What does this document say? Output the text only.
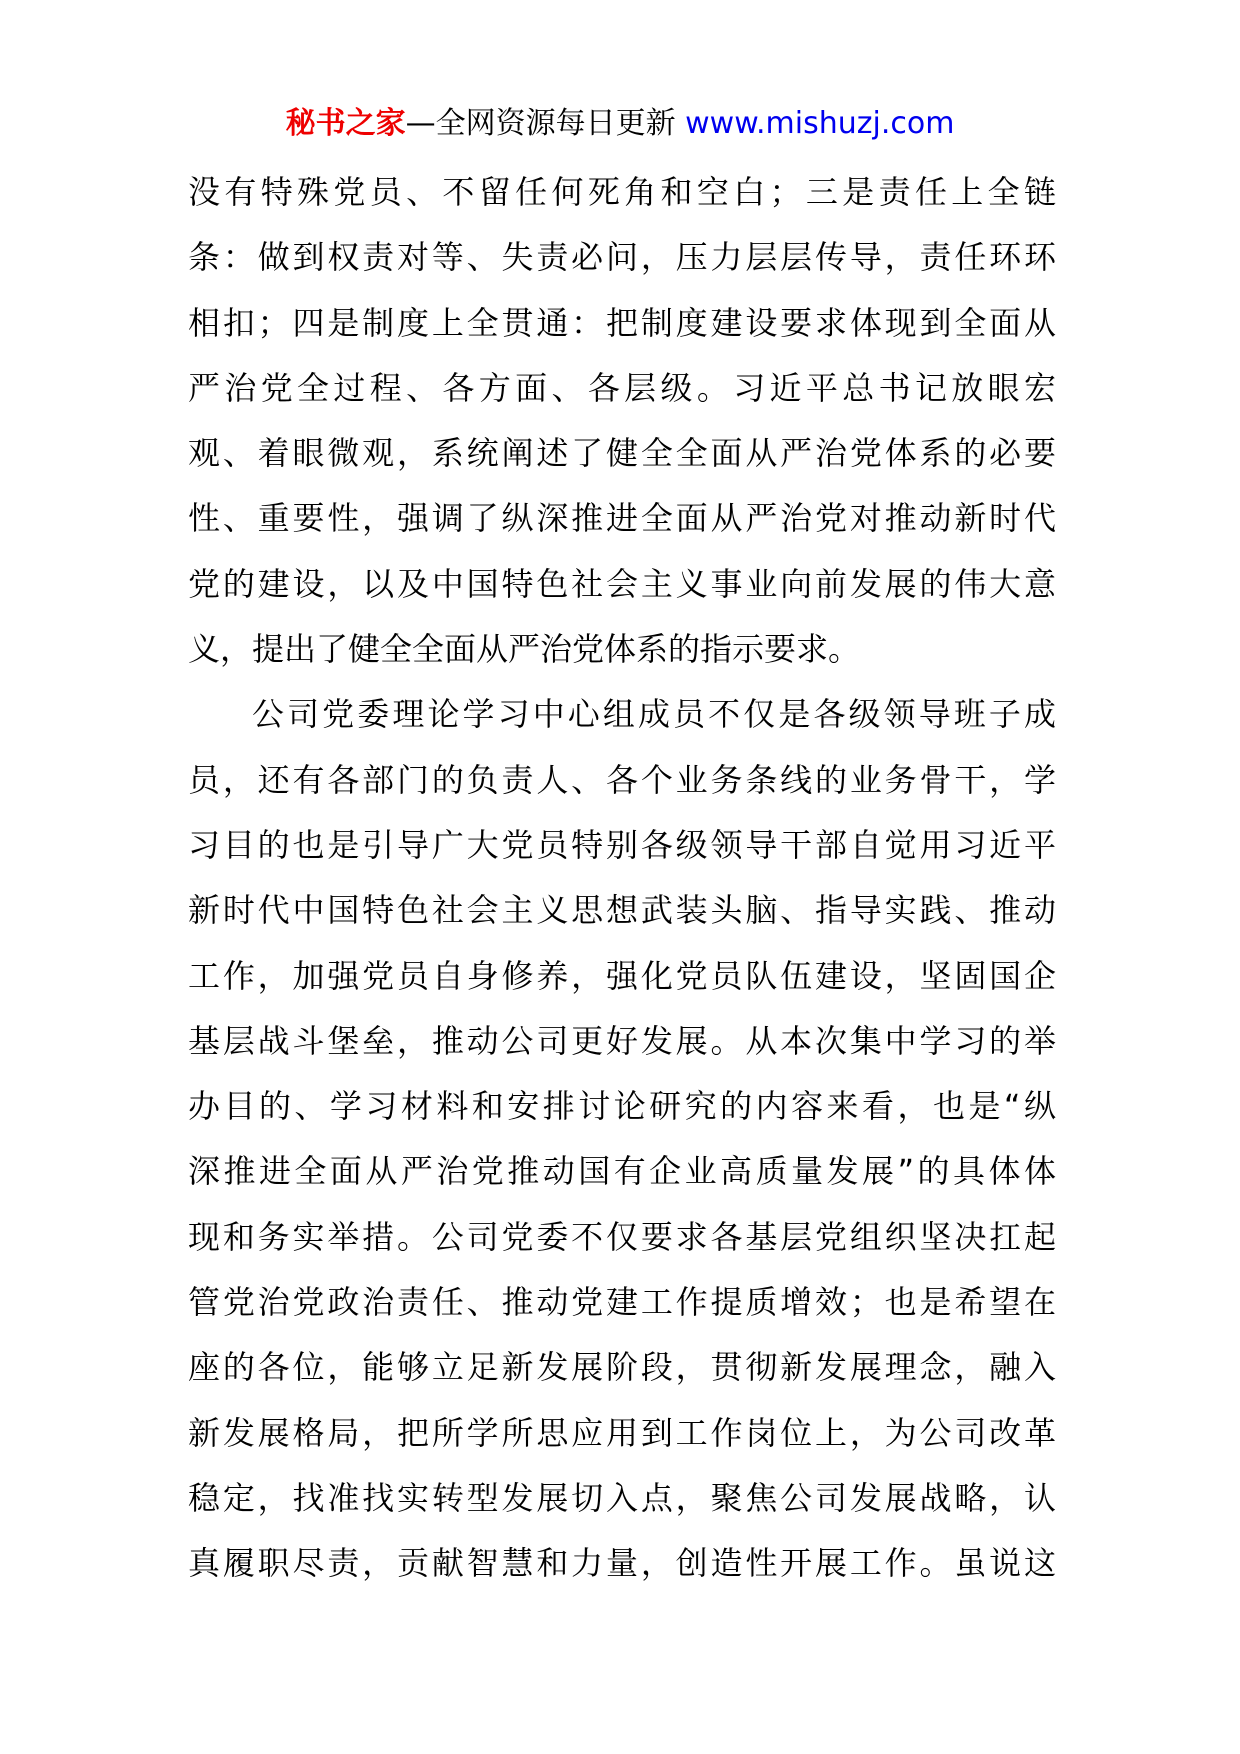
秘书之家—全网资源每日更新 www.mishuzj.com
没有特殊党员、不留任何死角和空白；三是责任上全链
条：做到权责对等、失责必问，压力层层传导，责任环环
相扣；四是制度上全贯通：把制度建设要求体现到全面从
严治党全过程、各方面、各层级。习近平总书记放眼宏
观、着眼微观，系统阐述了健全全面从严治党体系的必要
性、重要性，强调了纵深推进全面从严治党对推动新时代
党的建设，以及中国特色社会主义事业向前发展的伟大意
义，提出了健全全面从严治党体系的指示要求。
公司党委理论学习中心组成员不仅是各级领导班子成
员，还有各部门的负责人、各个业务条线的业务骨干，学
习目的也是引导广大党员特别各级领导干部自觉用习近平
新时代中国特色社会主义思想武装头脑、指导实践、推动
工作，加强党员自身修养，强化党员队伍建设，坚固国企
基层战斗堡垒，推动公司更好发展。从本次集中学习的举
办目的、学习材料和安排讨论研究的内容来看，也是“纵
深推进全面从严治党推动国有企业高质量发展”的具体体
现和务实举措。公司党委不仅要求各基层党组织坚决扛起
管党治党政治责任、推动党建工作提质增效；也是希望在
座的各位，能够立足新发展阶段，贯彻新发展理念，融入
新发展格局，把所学所思应用到工作岗位上，为公司改革
稳定，找准找实转型发展切入点，聚焦公司发展战略，认
真履职尽责，贡献智慧和力量，创造性开展工作。虽说这
